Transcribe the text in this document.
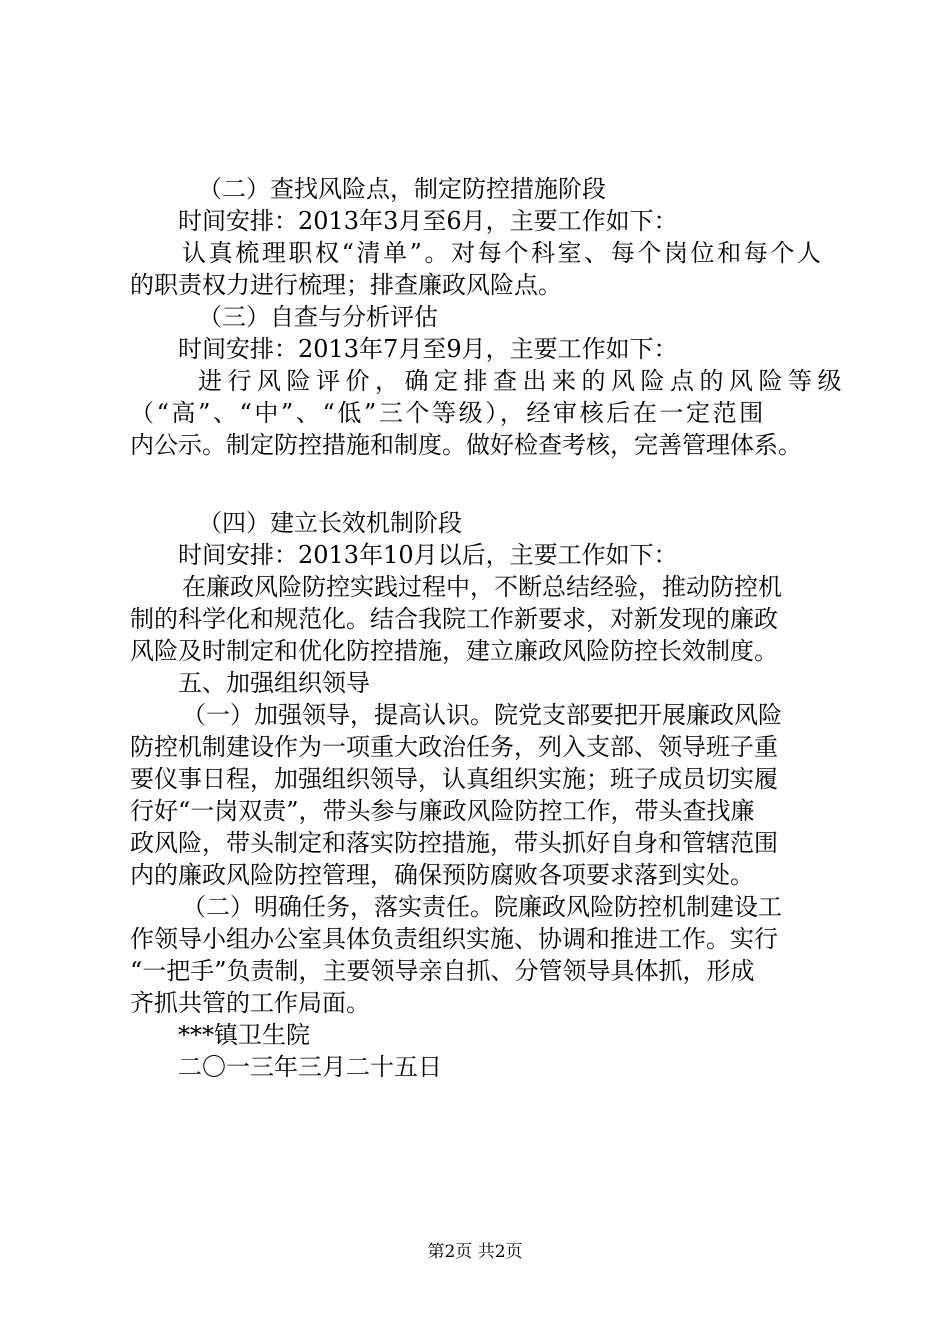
（二）查找风险点，制定防控措施阶段
时间安排：2013年3月至6月，主要工作如下：
认真梳理职权“清单”。对每个科室、每个岗位和每个人
的职责权力进行梳理；排查廉政风险点。
（三）自查与分析评估
时间安排：2013年7月至9月，主要工作如下：
进行风险评价，确定排查出来的风险点的风险等级
（“高”、“中”、“低”三个等级），经审核后在一定范围
内公示。制定防控措施和制度。做好检查考核，完善管理体系。
（四）建立长效机制阶段
时间安排：2013年10月以后，主要工作如下：
在廉政风险防控实践过程中，不断总结经验，推动防控机
制的科学化和规范化。结合我院工作新要求，对新发现的廉政
风险及时制定和优化防控措施，建立廉政风险防控长效制度。
五、加强组织领导
（一）加强领导，提高认识。院党支部要把开展廉政风险
防控机制建设作为一项重大政治任务，列入支部、领导班子重
要仪事日程，加强组织领导，认真组织实施；班子成员切实履
行好“一岗双责”，带头参与廉政风险防控工作，带头查找廉
政风险，带头制定和落实防控措施，带头抓好自身和管辖范围
内的廉政风险防控管理，确保预防腐败各项要求落到实处。
（二）明确任务，落实责任。院廉政风险防控机制建设工
作领导小组办公室具体负责组织实施、协调和推进工作。实行
“一把手”负责制，主要领导亲自抓、分管领导具体抓，形成
齐抓共管的工作局面。
***镇卫生院
二〇一三年三月二十五日
第2页 共2页
